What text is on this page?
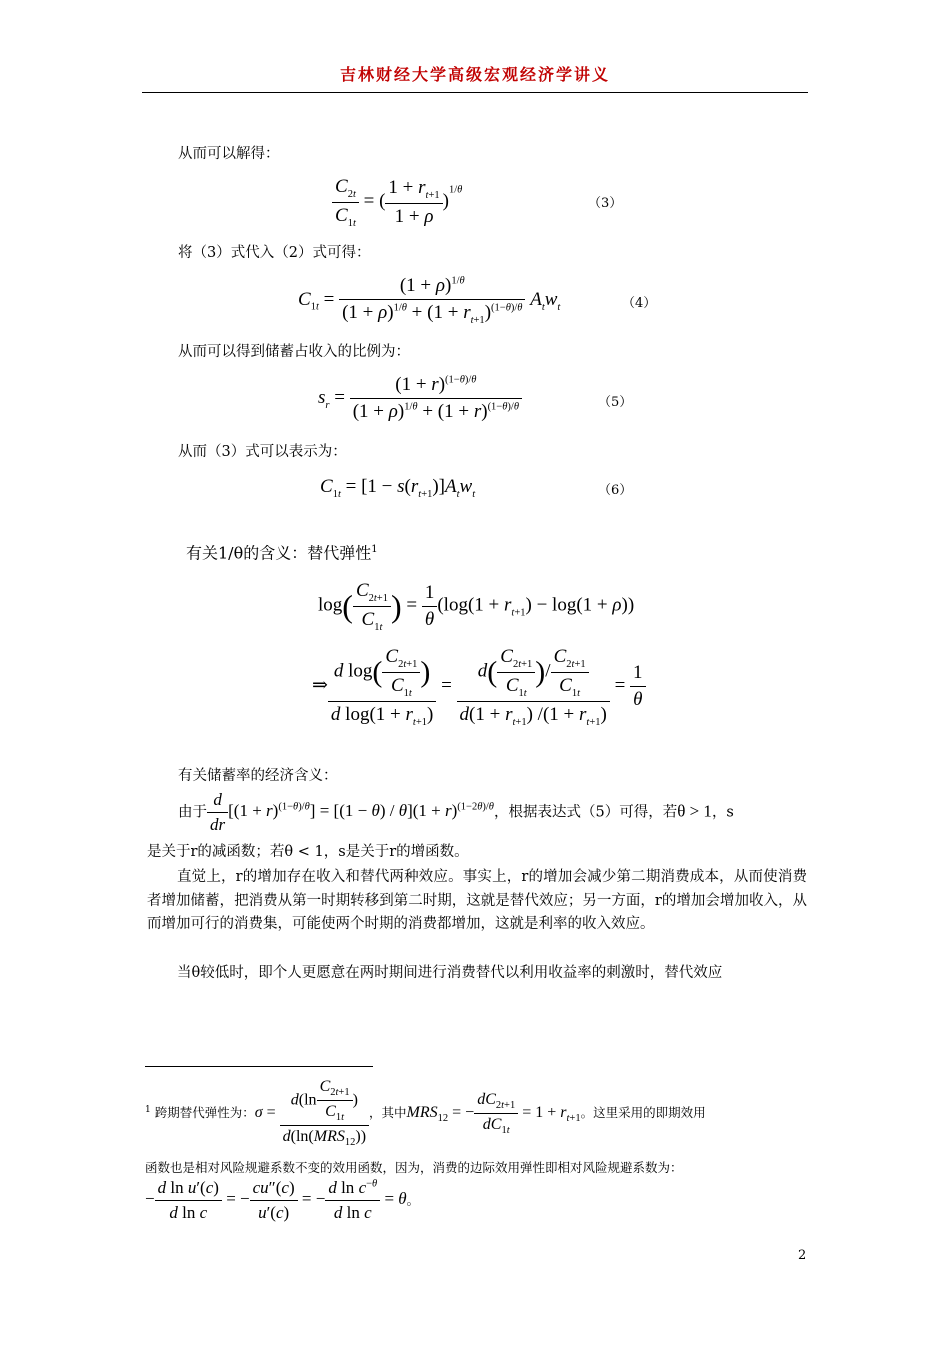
吉林财经大学高级宏观经济学讲义
从而可以解得：
$\frac{C_{2t}}{C_{1t}}$ = ( $\frac{1 + r_{t+1}}{1 + \rho} )^{1/\theta}$
（3）
将（3）式代入（2）式可得：
$C_{1t} = \frac{(1 + \rho)^{1/\theta}}{(1 + \rho)^{1/\theta} + (1 + r_{t+1})^{(1-\theta)/\theta}} A_tw_t$	（4）
从而可以得到储蓄占收入的比例为：
$s_r = \frac{(1 + r)^{(1-\theta)/\theta}}{(1 + \rho)^{1/\theta} + (1 + r)^{(1-\theta)/\theta}}$	（5）
从而（3）式可以表示为：
$C_{1t} = [1 - s(r_{t+1})]A_tw_t$	（6）
有关1/θ的含义：替代弹性$^1$
$\log( \frac{C_{2t+1}}{C_{1t}}$ ) = $\frac{1}{\theta} (\log(1 + r_{t+1}) - \log(1 + \rho))$
⇒ $\frac{d \log( \frac{C_{2t+1}}{C_{1t}} )}{d \log(1 + r_{t+1})} = \frac{d( \frac{C_{2t+1}}{C_{1t}} )/ \frac{C_{2t+1}}{C_{1t}}}{d(1 + r_{t+1}) /(1 + r_{t+1})} = \frac{1}{\theta}$
有关储蓄率的经济含义：
由于 $\frac{d}{dr} [(1 + r)^{(1-\theta)/\theta}] = [(1 - \theta) / \theta](1 + r)^{(1-2\theta)/\theta}$，根据表达式（5）可得，若θ > 1，s
是关于r的减函数；若θ < 1，s是关于r的增函数。
直觉上，r的增加存在收入和替代两种效应。事实上，r的增加会减少第二期消费成本，从而使消费者增加储蓄，把消费从第一时期转移到第二时期，这就是替代效应；另一方面，r的增加会增加收入，从而增加可行的消费集，可能使两个时期的消费都增加，这就是利率的收入效应。
当θ较低时，即个人更愿意在两时期间进行消费替代以利用收益率的刺激时，替代效应
$^1$ 跨期替代弹性为：$\sigma = \frac{d(\ln \frac{C_{2t+1}}{C_{1t}} )}{d(\ln(MRS_{12}))}$ ，其中$MRS_{12}$ = − $\frac{dC_{2t+1}}{dC_{1t}} = 1 + r_{t+1}$。这里采用的即期效用
函数也是相对风险规避系数不变的效用函数，因为，消费的边际效用弹性即相对风险规避系数为：
− $\frac{\text{d ln u′(c)}}{\text{d ln c}}$ = − $\frac{cu''(c)}{u'(c)}$ = − $\frac{d \ln c^{-\theta}}{\text{d ln c}} = \theta$。
2
